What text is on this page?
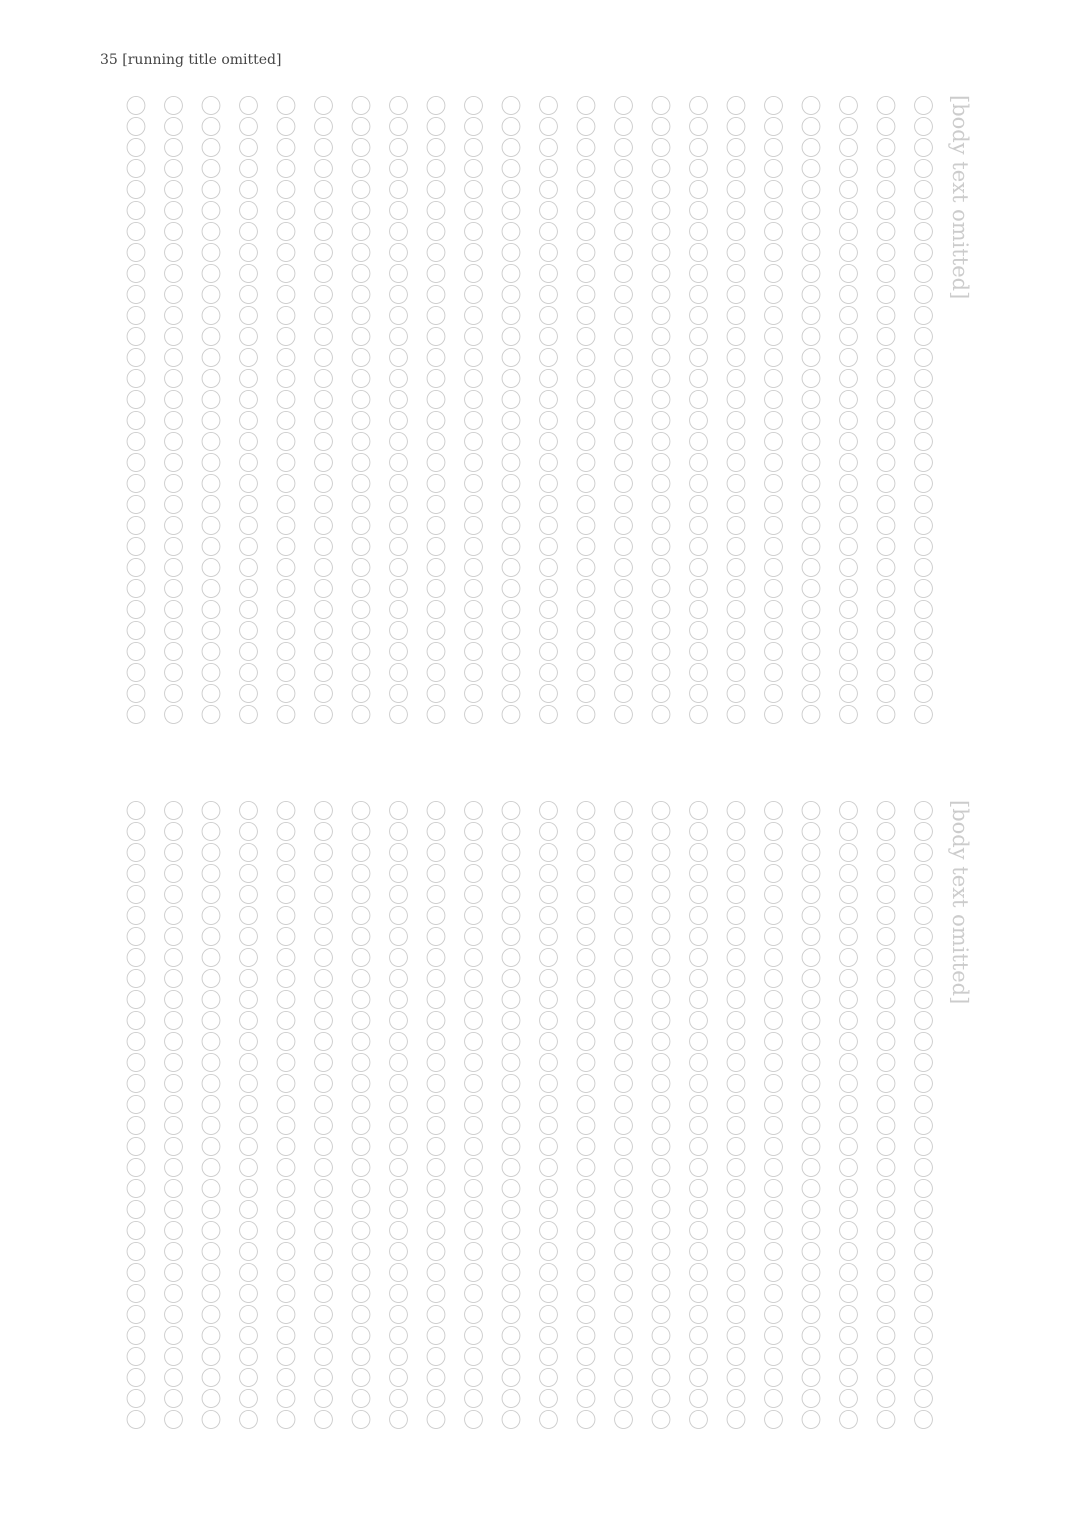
35 [running title omitted]
[body text omitted]
〇〇〇〇〇〇〇〇〇〇〇〇〇〇〇〇〇〇〇〇〇〇〇〇〇〇〇〇〇〇
〇〇〇〇〇〇〇〇〇〇〇〇〇〇〇〇〇〇〇〇〇〇〇〇〇〇〇〇〇〇
〇〇〇〇〇〇〇〇〇〇〇〇〇〇〇〇〇〇〇〇〇〇〇〇〇〇〇〇〇〇
〇〇〇〇〇〇〇〇〇〇〇〇〇〇〇〇〇〇〇〇〇〇〇〇〇〇〇〇〇〇
〇〇〇〇〇〇〇〇〇〇〇〇〇〇〇〇〇〇〇〇〇〇〇〇〇〇〇〇〇〇
〇〇〇〇〇〇〇〇〇〇〇〇〇〇〇〇〇〇〇〇〇〇〇〇〇〇〇〇〇〇
〇〇〇〇〇〇〇〇〇〇〇〇〇〇〇〇〇〇〇〇〇〇〇〇〇〇〇〇〇〇
〇〇〇〇〇〇〇〇〇〇〇〇〇〇〇〇〇〇〇〇〇〇〇〇〇〇〇〇〇〇
〇〇〇〇〇〇〇〇〇〇〇〇〇〇〇〇〇〇〇〇〇〇〇〇〇〇〇〇〇〇
〇〇〇〇〇〇〇〇〇〇〇〇〇〇〇〇〇〇〇〇〇〇〇〇〇〇〇〇〇〇
〇〇〇〇〇〇〇〇〇〇〇〇〇〇〇〇〇〇〇〇〇〇〇〇〇〇〇〇〇〇
〇〇〇〇〇〇〇〇〇〇〇〇〇〇〇〇〇〇〇〇〇〇〇〇〇〇〇〇〇〇
〇〇〇〇〇〇〇〇〇〇〇〇〇〇〇〇〇〇〇〇〇〇〇〇〇〇〇〇〇〇
〇〇〇〇〇〇〇〇〇〇〇〇〇〇〇〇〇〇〇〇〇〇〇〇〇〇〇〇〇〇
〇〇〇〇〇〇〇〇〇〇〇〇〇〇〇〇〇〇〇〇〇〇〇〇〇〇〇〇〇〇
〇〇〇〇〇〇〇〇〇〇〇〇〇〇〇〇〇〇〇〇〇〇〇〇〇〇〇〇〇〇
〇〇〇〇〇〇〇〇〇〇〇〇〇〇〇〇〇〇〇〇〇〇〇〇〇〇〇〇〇〇
〇〇〇〇〇〇〇〇〇〇〇〇〇〇〇〇〇〇〇〇〇〇〇〇〇〇〇〇〇〇
〇〇〇〇〇〇〇〇〇〇〇〇〇〇〇〇〇〇〇〇〇〇〇〇〇〇〇〇〇〇
〇〇〇〇〇〇〇〇〇〇〇〇〇〇〇〇〇〇〇〇〇〇〇〇〇〇〇〇〇〇
〇〇〇〇〇〇〇〇〇〇〇〇〇〇〇〇〇〇〇〇〇〇〇〇〇〇〇〇〇〇
〇〇〇〇〇〇〇〇〇〇〇〇〇〇〇〇〇〇〇〇〇〇〇〇〇〇〇〇〇〇
[body text omitted]
〇〇〇〇〇〇〇〇〇〇〇〇〇〇〇〇〇〇〇〇〇〇〇〇〇〇〇〇〇〇
〇〇〇〇〇〇〇〇〇〇〇〇〇〇〇〇〇〇〇〇〇〇〇〇〇〇〇〇〇〇
〇〇〇〇〇〇〇〇〇〇〇〇〇〇〇〇〇〇〇〇〇〇〇〇〇〇〇〇〇〇
〇〇〇〇〇〇〇〇〇〇〇〇〇〇〇〇〇〇〇〇〇〇〇〇〇〇〇〇〇〇
〇〇〇〇〇〇〇〇〇〇〇〇〇〇〇〇〇〇〇〇〇〇〇〇〇〇〇〇〇〇
〇〇〇〇〇〇〇〇〇〇〇〇〇〇〇〇〇〇〇〇〇〇〇〇〇〇〇〇〇〇
〇〇〇〇〇〇〇〇〇〇〇〇〇〇〇〇〇〇〇〇〇〇〇〇〇〇〇〇〇〇
〇〇〇〇〇〇〇〇〇〇〇〇〇〇〇〇〇〇〇〇〇〇〇〇〇〇〇〇〇〇
〇〇〇〇〇〇〇〇〇〇〇〇〇〇〇〇〇〇〇〇〇〇〇〇〇〇〇〇〇〇
〇〇〇〇〇〇〇〇〇〇〇〇〇〇〇〇〇〇〇〇〇〇〇〇〇〇〇〇〇〇
〇〇〇〇〇〇〇〇〇〇〇〇〇〇〇〇〇〇〇〇〇〇〇〇〇〇〇〇〇〇
〇〇〇〇〇〇〇〇〇〇〇〇〇〇〇〇〇〇〇〇〇〇〇〇〇〇〇〇〇〇
〇〇〇〇〇〇〇〇〇〇〇〇〇〇〇〇〇〇〇〇〇〇〇〇〇〇〇〇〇〇
〇〇〇〇〇〇〇〇〇〇〇〇〇〇〇〇〇〇〇〇〇〇〇〇〇〇〇〇〇〇
〇〇〇〇〇〇〇〇〇〇〇〇〇〇〇〇〇〇〇〇〇〇〇〇〇〇〇〇〇〇
〇〇〇〇〇〇〇〇〇〇〇〇〇〇〇〇〇〇〇〇〇〇〇〇〇〇〇〇〇〇
〇〇〇〇〇〇〇〇〇〇〇〇〇〇〇〇〇〇〇〇〇〇〇〇〇〇〇〇〇〇
〇〇〇〇〇〇〇〇〇〇〇〇〇〇〇〇〇〇〇〇〇〇〇〇〇〇〇〇〇〇
〇〇〇〇〇〇〇〇〇〇〇〇〇〇〇〇〇〇〇〇〇〇〇〇〇〇〇〇〇〇
〇〇〇〇〇〇〇〇〇〇〇〇〇〇〇〇〇〇〇〇〇〇〇〇〇〇〇〇〇〇
〇〇〇〇〇〇〇〇〇〇〇〇〇〇〇〇〇〇〇〇〇〇〇〇〇〇〇〇〇〇
〇〇〇〇〇〇〇〇〇〇〇〇〇〇〇〇〇〇〇〇〇〇〇〇〇〇〇〇〇〇
